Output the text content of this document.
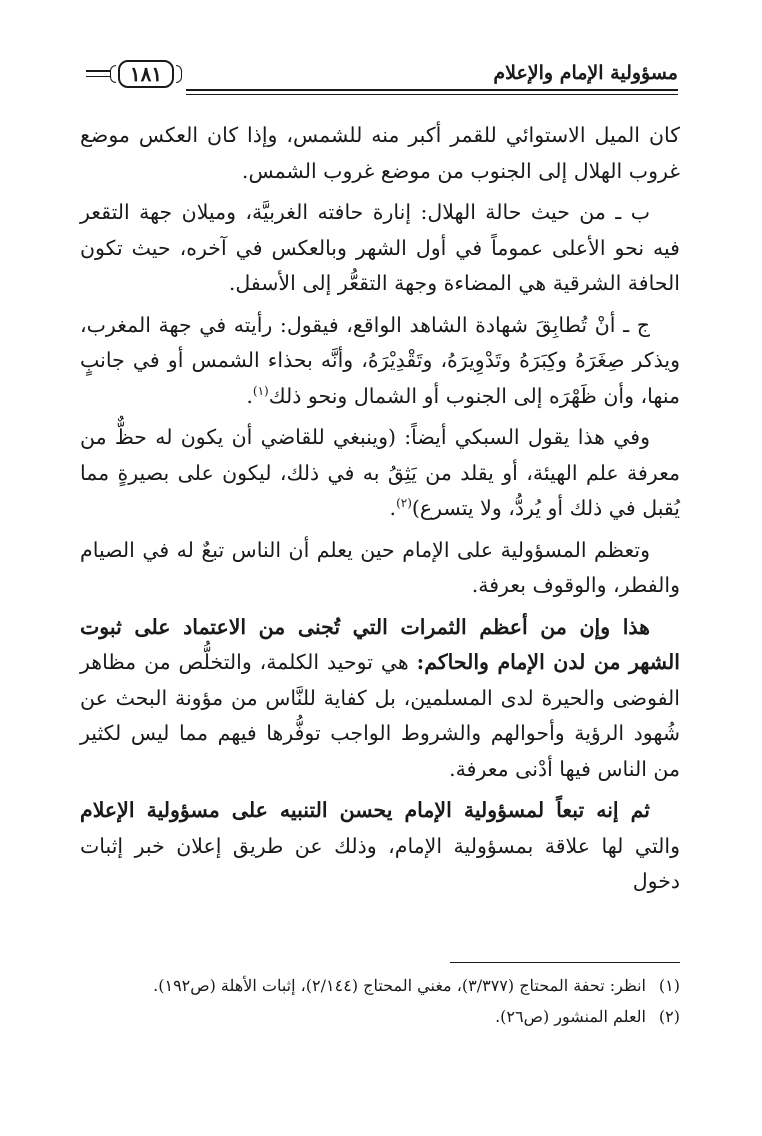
مسؤولية الإمام والإعلام
١٨١

كان الميل الاستوائي للقمر أكبر منه للشمس، وإذا كان العكس موضع غروب الهلال إلى الجنوب من موضع غروب الشمس.

ب ـ من حيث حالة الهلال: إنارة حافته الغربيَّة، وميلان جهة التقعر فيه نحو الأعلى عموماً في أول الشهر وبالعكس في آخره، حيث تكون الحافة الشرقية هي المضاءة وجهة التقعُّر إلى الأسفل.

ج ـ أنْ تُطابِقَ شهادة الشاهد الواقع، فيقول: رأيته في جهة المغرب، ويذكر صِغَرَهُ وكِبَرَهُ وتَدْوِيرَهُ، وتَقْدِيْرَهُ، وأنَّه بحذاء الشمس أو في جانبٍ منها، وأن ظَهْرَه إلى الجنوب أو الشمال ونحو ذلك$^{(١)}$.

وفي هذا يقول السبكي أيضاً: (وينبغي للقاضي أن يكون له حظٌّ من معرفة علم الهيئة، أو يقلد من يَثِقُ به في ذلك، ليكون على بصيرةٍ مما يُقبل في ذلك أو يُردُّ، ولا يتسرع)$^{(٢)}$.

وتعظم المسؤولية على الإمام حين يعلم أن الناس تبعٌ له في الصيام والفطر، والوقوف بعرفة.

هذا وإن من أعظم الثمرات التي تُجنى من الاعتماد على ثبوت الشهر من لدن الإمام والحاكم: هي توحيد الكلمة، والتخلُّص من مظاهر الفوضى والحيرة لدى المسلمين، بل كفاية للنَّاس من مؤونة البحث عن شُهود الرؤية وأحوالهم والشروط الواجب توفُّرها فيهم مما ليس لكثير من الناس فيها أدْنى معرفة.

ثم إنه تبعاً لمسؤولية الإمام يحسن التنبيه على مسؤولية الإعلام والتي لها علاقة بمسؤولية الإمام، وذلك عن طريق إعلان خبر إثبات دخول

(١)انظر: تحفة المحتاج (٣/٣٧٧)، مغني المحتاج (٢/١٤٤)، إثبات الأهلة (ص١٩٢).

(٢)العلم المنشور (ص٢٦).
